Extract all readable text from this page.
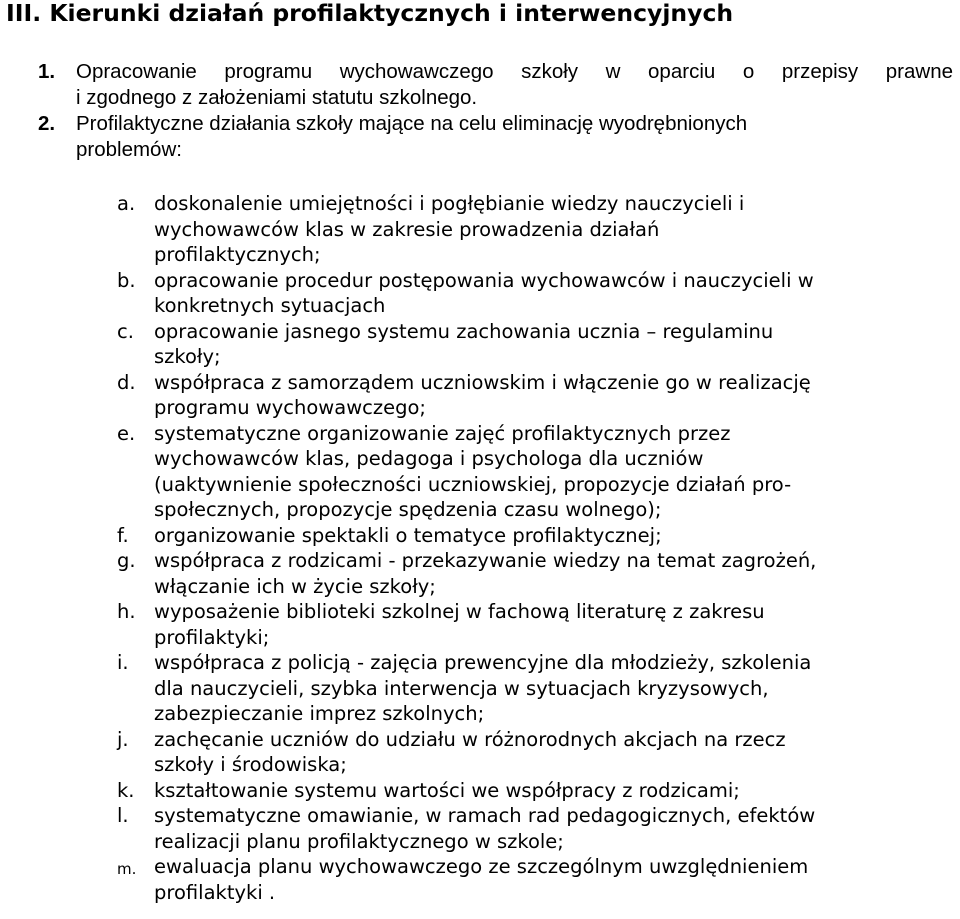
III. Kierunki działań profilaktycznych i interwencyjnych
1.	Opracowanie programu wychowawczego szkoły w oparciu o przepisy prawne
i zgodnego z założeniami statutu szkolnego.
2. Profilaktyczne działania szkoły mające na celu eliminację wyodrębnionych
problemów:
a. doskonalenie umiejętności i pogłębianie wiedzy nauczycieli i
wychowawców klas w zakresie prowadzenia działań
profilaktycznych;
b. opracowanie procedur postępowania wychowawców i nauczycieli w
konkretnych sytuacjach
c. opracowanie jasnego systemu zachowania ucznia – regulaminu
szkoły;
d. współpraca z samorządem uczniowskim i włączenie go w realizację
programu wychowawczego;
e. systematyczne organizowanie zajęć profilaktycznych przez
wychowawców klas, pedagoga i psychologa dla uczniów
(uaktywnienie społeczności uczniowskiej, propozycje działań pro-
społecznych, propozycje spędzenia czasu wolnego);
f. organizowanie spektakli o tematyce profilaktycznej;
g. współpraca z rodzicami - przekazywanie wiedzy na temat zagrożeń,
włączanie ich w życie szkoły;
h. wyposażenie biblioteki szkolnej w fachową literaturę z zakresu
profilaktyki;
i. współpraca z policją - zajęcia prewencyjne dla młodzieży, szkolenia
dla nauczycieli, szybka interwencja w sytuacjach kryzysowych,
zabezpieczanie imprez szkolnych;
j. zachęcanie uczniów do udziału w różnorodnych akcjach na rzecz
szkoły i środowiska;
k. kształtowanie systemu wartości we współpracy z rodzicami;
l. systematyczne omawianie, w ramach rad pedagogicznych, efektów
realizacji planu profilaktycznego w szkole;
m. ewaluacja planu wychowawczego ze szczególnym uwzględnieniem
profilaktyki .
